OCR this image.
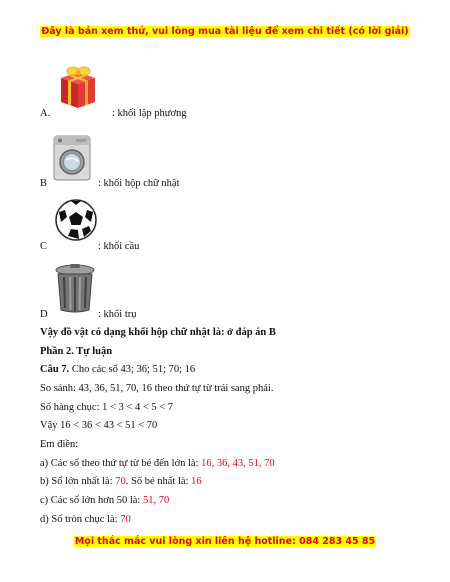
Đây là bản xem thử, vui lòng mua tài liệu để xem chi tiết (có lời giải)
A.	: khối lập phương
B	: khối hộp chữ nhật
C	: khối cầu
D	: khối trụ
Vậy đồ vật có dạng khối hộp chữ nhật là: ở đáp án B
Phần 2. Tự luận
Câu 7. Cho các số 43; 36; 51; 70; 16
So sánh: 43, 36, 51, 70, 16 theo thứ tự từ trái sang phải.
Số hàng chục: 1 < 3 < 4 < 5 < 7
Vậy 16 < 36 < 43 < 51 < 70
Em điền:
a) Các số theo thứ tự từ bé đến lớn là: 16, 36, 43, 51, 70
b) Số lớn nhất là: 70. Số bé nhất là: 16
c) Các số lớn hơn 50 là: 51, 70
d) Số tròn chục là: 70
Mọi thắc mắc vui lòng xin liên hệ hotline: 084 283 45 85
